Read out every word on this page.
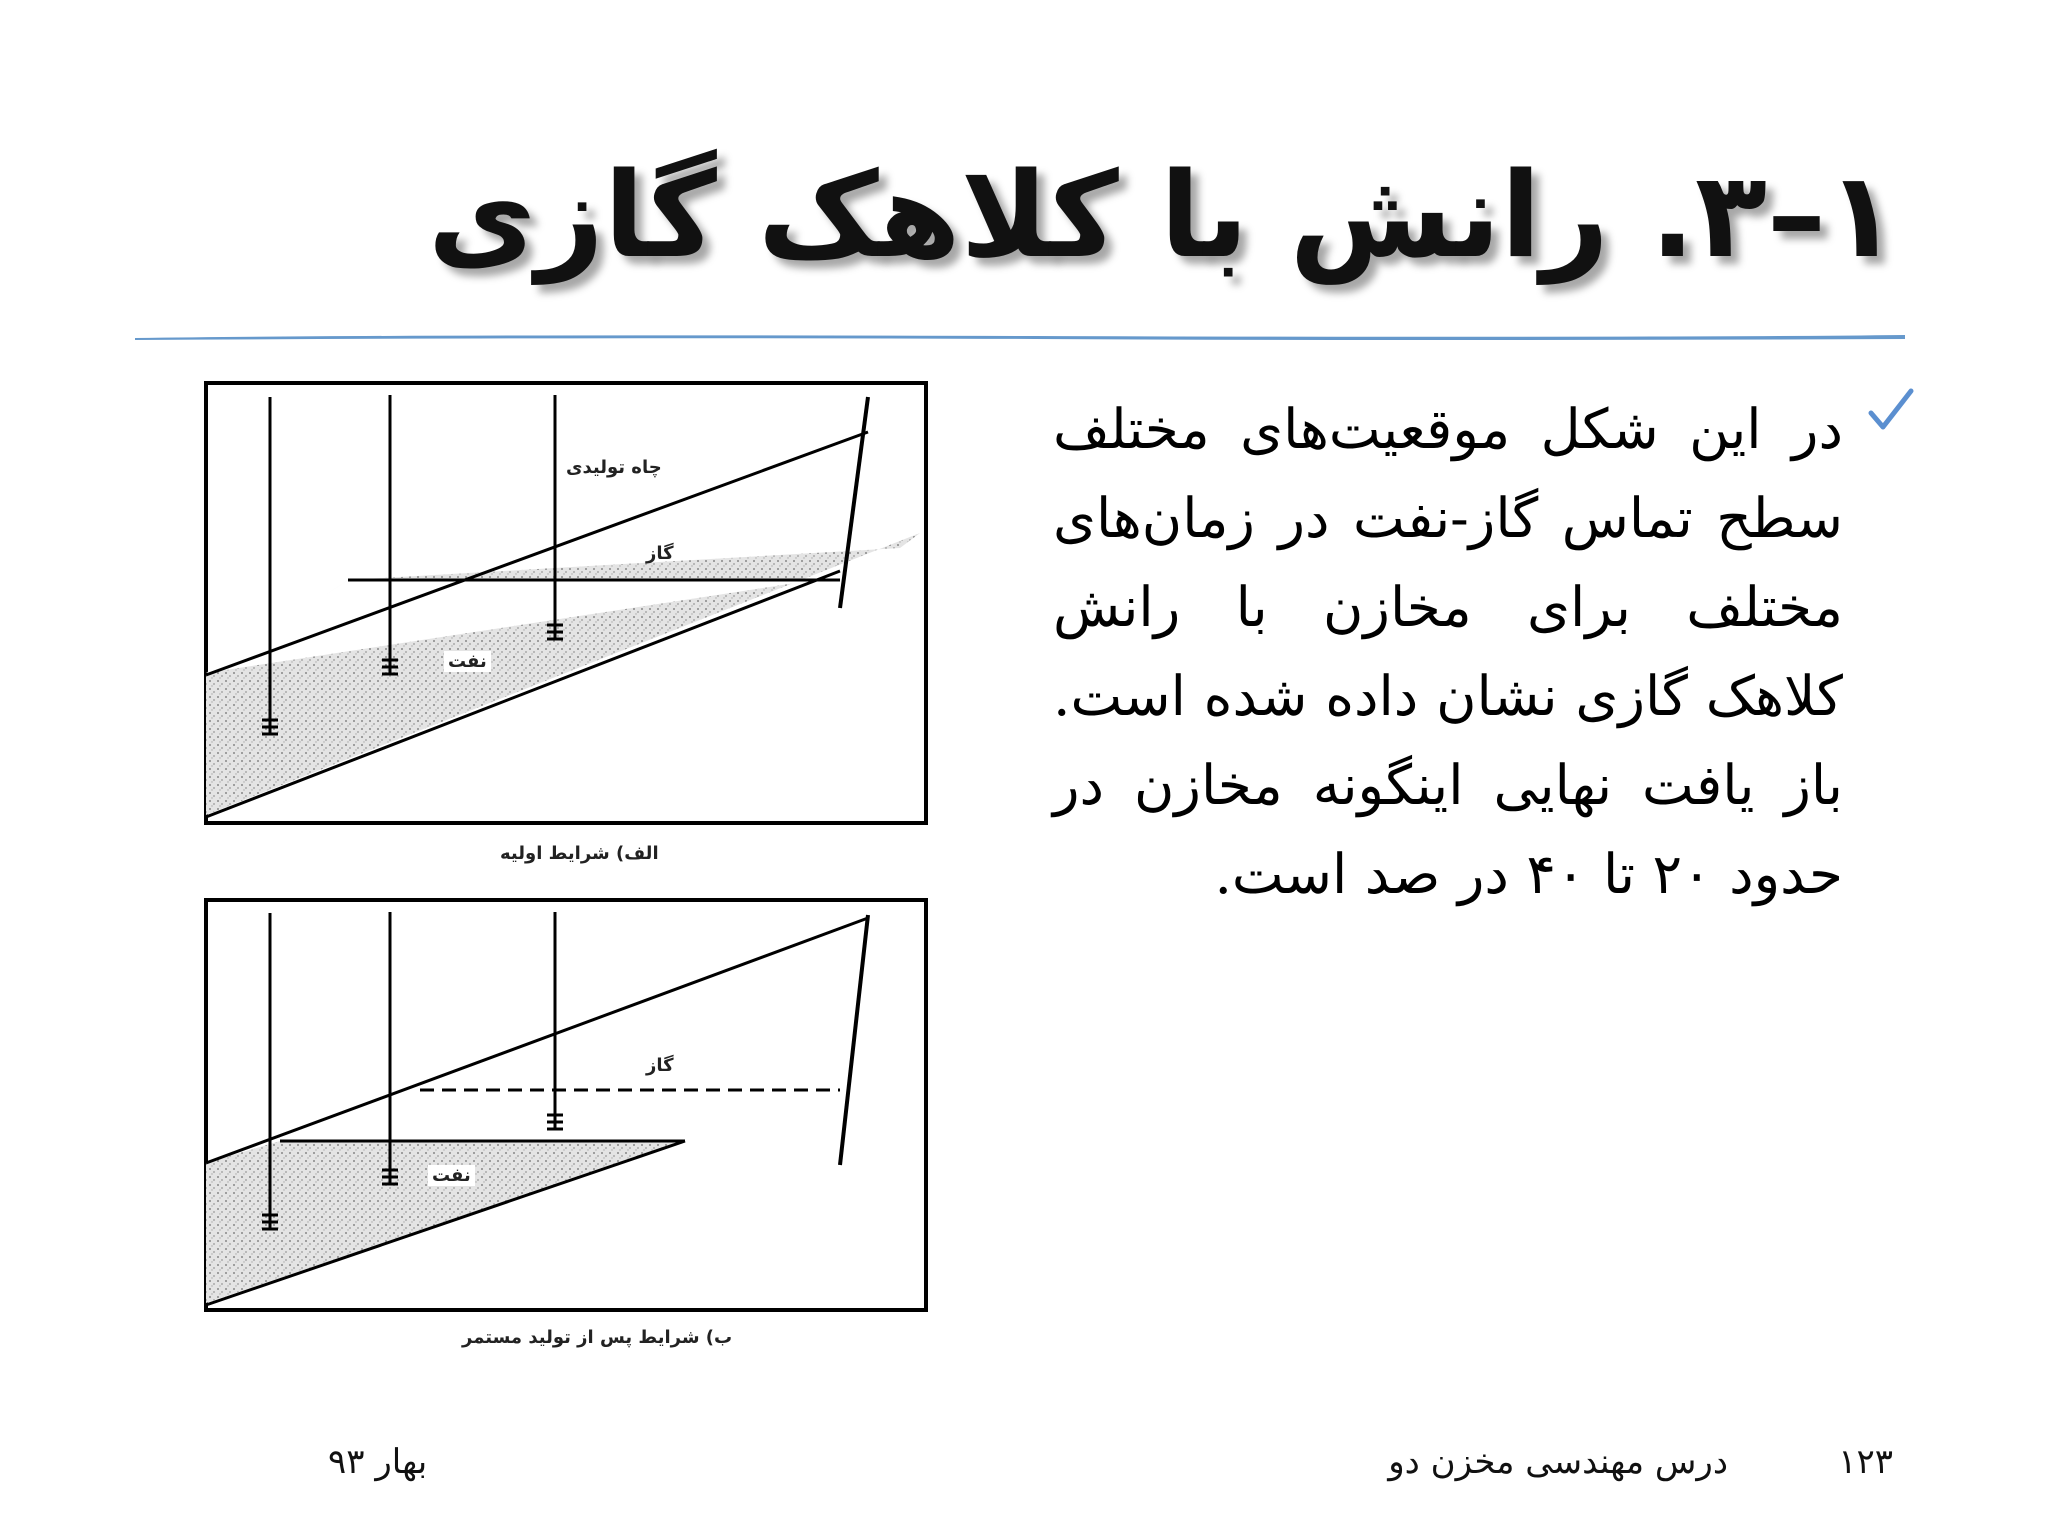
۱–۳. رانش با کلاهک گازی
در این شکل موقعیت‌های مختلف سطح تماس گاز-نفت در زمان‌های مختلف برای مخازن با رانش کلاهک گازی نشان داده شده است. باز یافت نهایی اینگونه مخازن در حدود ۲۰ تا ۴۰ در صد است.
چاه تولیدی
گاز
نفت
الف) شرایط اولیه
گاز
نفت
ب) شرایط پس از تولید مستمر
۱۲۳
درس مهندسی مخزن دو
بهار ۹۳
